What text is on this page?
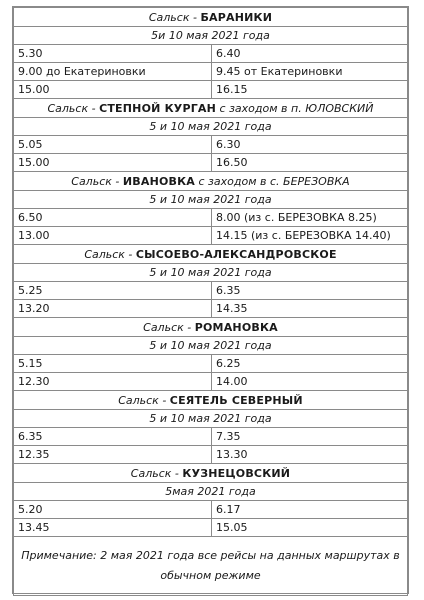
Сальск - БАРАНИКИ	
5и 10 мая 2021 года	
5.30	6.40
9.00 до Екатериновки	9.45 от Екатериновки
15.00	16.15
Сальск - СТЕПНОЙ КУРГАН с заходом в п. ЮЛОВСКИЙ	
5 и 10 мая 2021 года	
5.05	6.30
15.00	16.50
Сальск - ИВАНОВКА с заходом в с. БЕРЕЗОВКА	
5 и 10 мая 2021 года	
6.50	8.00 (из с. БЕРЕЗОВКА 8.25)
13.00	14.15 (из с. БЕРЕЗОВКА 14.40)
Сальск - СЫСОЕВО-АЛЕКСАНДРОВСКОЕ	
5 и 10 мая 2021 года	
5.25	6.35
13.20	14.35
Сальск - РОМАНОВКА	
5 и 10 мая 2021 года	
5.15	6.25
12.30	14.00
Сальск - СЕЯТЕЛЬ СЕВЕРНЫЙ	
5 и 10 мая 2021 года	
6.35	7.35
12.35	13.30
Сальск - КУЗНЕЦОВСКИЙ	
5мая 2021 года	
5.20	6.17
13.45	15.05
Примечание: 2 мая 2021 года все рейсы на данных маршрутах в обычном режиме	
